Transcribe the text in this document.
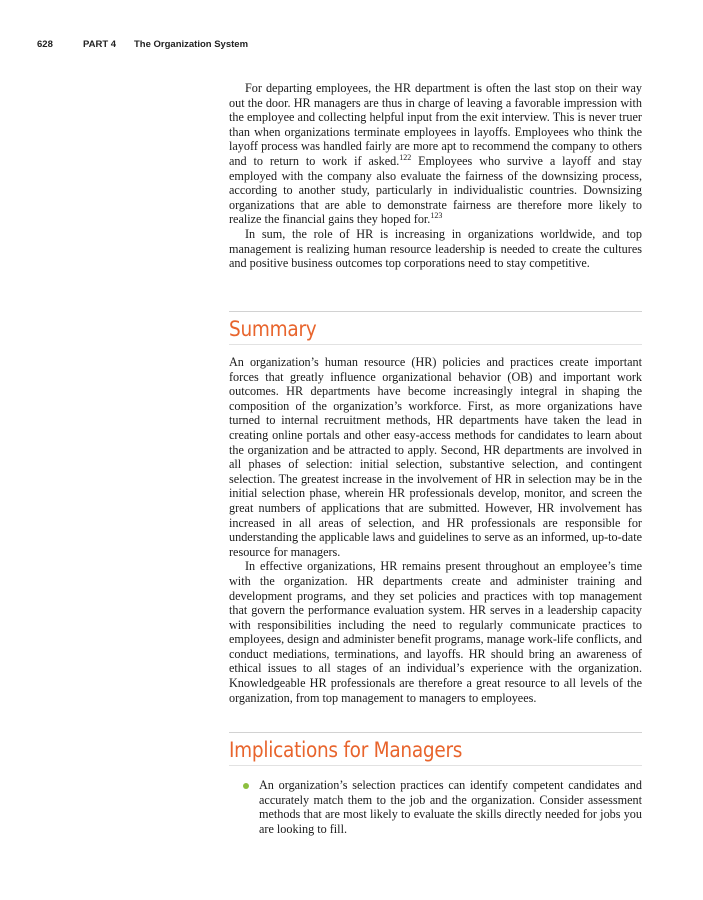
628	PART 4 The Organization System

For departing employees, the HR department is often the last stop on their way out the door. HR managers are thus in charge of leaving a favorable impression with the employee and collecting helpful input from the exit interview. This is never truer than when organizations terminate employees in layoffs. Employees who think the layoff process was handled fairly are more apt to recommend the company to others and to return to work if asked.$^{122}$ Employees who survive a layoff and stay employed with the company also evaluate the fairness of the downsizing process, according to another study, particularly in individualistic countries. Downsizing organizations that are able to demonstrate fairness are therefore more likely to realize the financial gains they hoped for.$^{123}$

In sum, the role of HR is increasing in organizations worldwide, and top management is realizing human resource leadership is needed to create the cultures and positive business outcomes top corporations need to stay competitive.

Summary

An organization’s human resource (HR) policies and practices create important forces that greatly influence organizational behavior (OB) and important work outcomes. HR departments have become increasingly integral in shaping the composition of the organization’s workforce. First, as more organizations have turned to internal recruitment methods, HR departments have taken the lead in creating online portals and other easy-access methods for candidates to learn about the organization and be attracted to apply. Second, HR departments are involved in all phases of selection: initial selection, substantive selection, and contingent selection. The greatest increase in the involvement of HR in selection may be in the initial selection phase, wherein HR professionals develop, monitor, and screen the great numbers of applications that are submitted. However, HR involvement has increased in all areas of selection, and HR professionals are responsible for understanding the applicable laws and guidelines to serve as an informed, up-to-date resource for managers.

In effective organizations, HR remains present throughout an employee’s time with the organization. HR departments create and administer training and development programs, and they set policies and practices with top management that govern the performance evaluation system. HR serves in a leadership capacity with responsibilities including the need to regularly communicate practices to employees, design and administer benefit programs, manage work-life conflicts, and conduct mediations, terminations, and layoffs. HR should bring an awareness of ethical issues to all stages of an individual’s experience with the organization. Knowledgeable HR professionals are therefore a great resource to all levels of the organization, from top management to managers to employees.

Implications for Managers

An organization’s selection practices can identify competent candidates and accurately match them to the job and the organization. Consider assessment methods that are most likely to evaluate the skills directly needed for jobs you are looking to fill.
